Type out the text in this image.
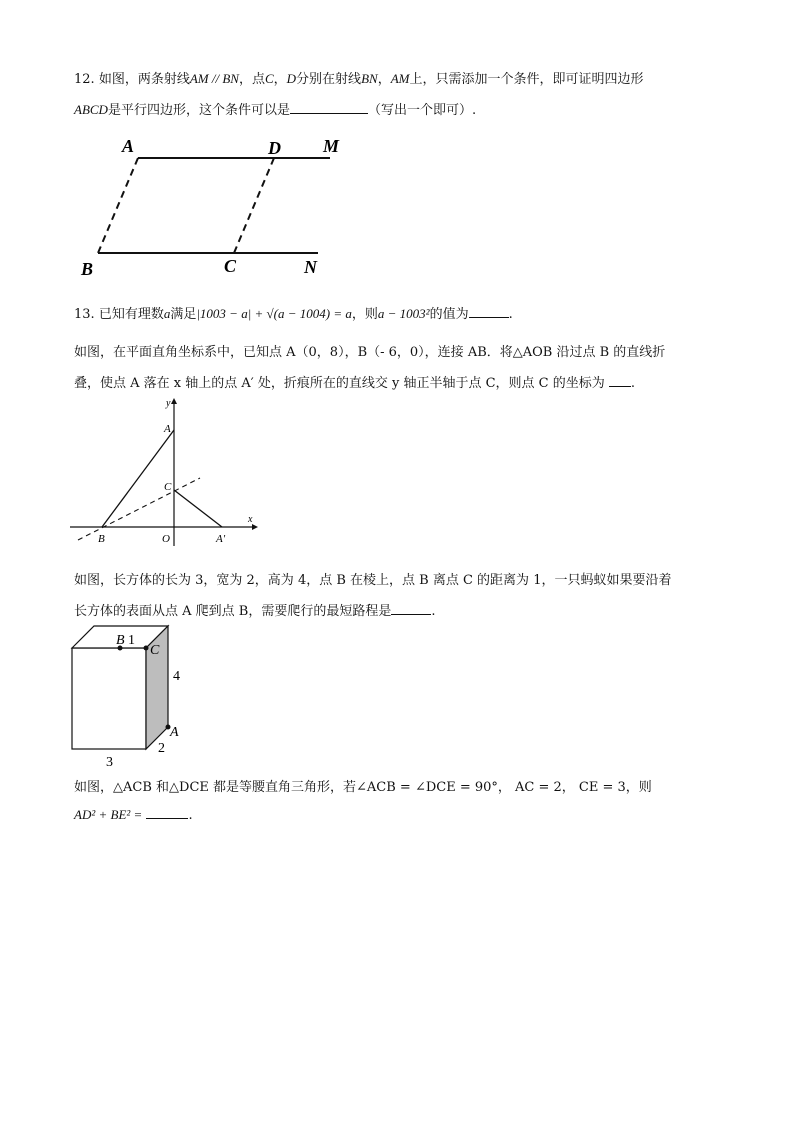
12. 如图，两条射线AM // BN，点C，D分别在射线BN，AM上，只需添加一个条件，即可证明四边形
ABCD是平行四边形，这个条件可以是	（写出一个即可）.
A	D M
B	C	N
13. 已知有理数a满足|1003 − a| + √(a − 1004) = a，则a − 1003²的值为	.
如图，在平面直角坐标系中，已知点 A（0，8），B（- 6，0），连接 AB．将△AOB 沿过点 B 的直线折
叠，使点 A 落在 x 轴上的点 A′ 处，折痕所在的直线交 y 轴正半轴于点 C，则点 C 的坐标为 .
y
x
A
C
B	O	A′
如图，长方体的长为 3，宽为 2，高为 4，点 B 在棱上，点 B 离点 C 的距离为 1，一只蚂蚁如果要沿着
长方体的表面从点 A 爬到点 B，需要爬行的最短路程是	.
B 1
C
4
A
2
3
如图，△ACB 和△DCE 都是等腰直角三角形，若∠ACB = ∠DCE = 90°， AC = 2， CE = 3，则
AD² + BE² =	.
